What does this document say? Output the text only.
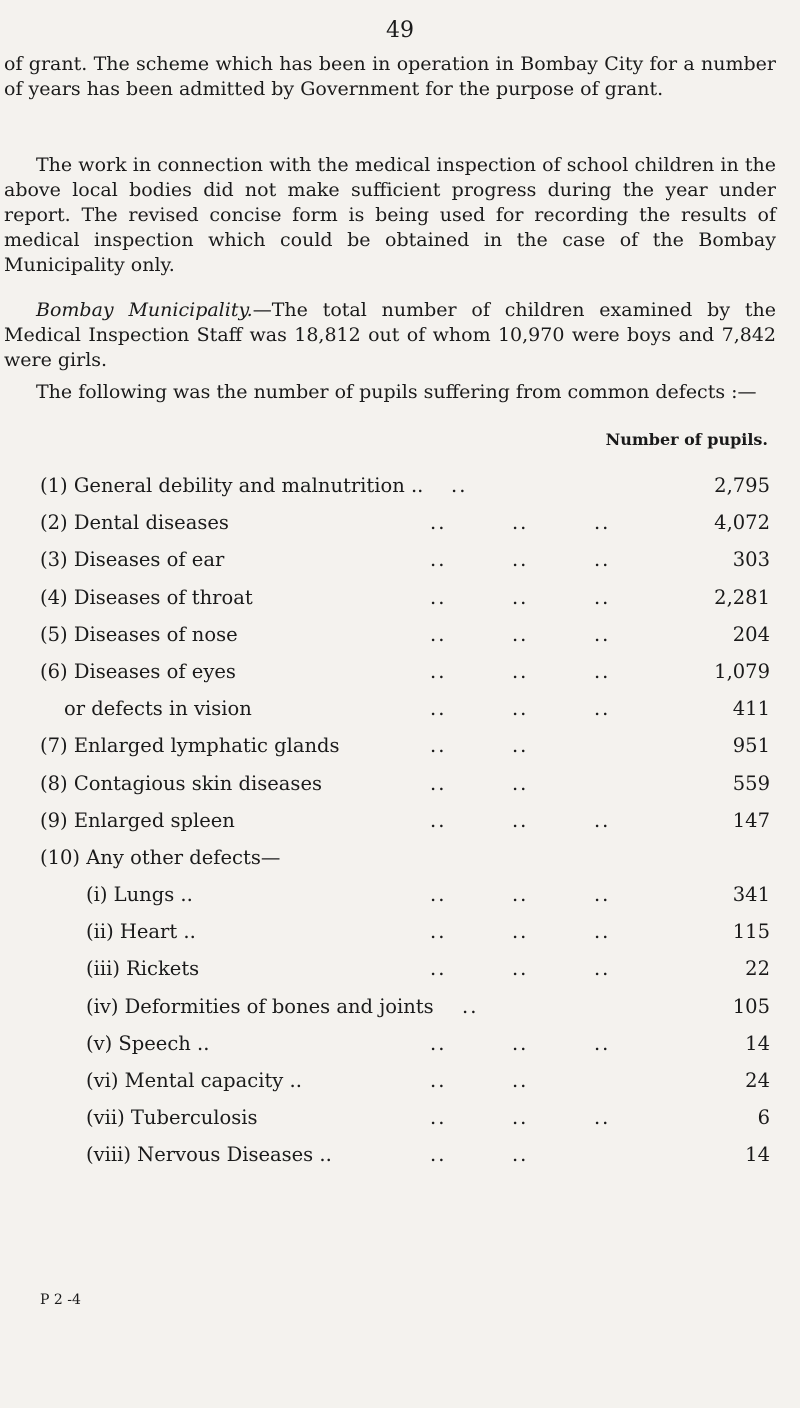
49

of grant. The scheme which has been in operation in Bombay City for a number of years has been admitted by Government for the purpose of grant.

The work in connection with the medical inspection of school children in the above local bodies did not make sufficient progress during the year under report. The revised concise form is being used for recording the results of medical inspection which could be obtained in the case of the Bombay Municipality only.

Bombay Municipality.—The total number of children examined by the Medical Inspection Staff was 18,812 out of whom 10,970 were boys and 7,842 were girls.

The following was the number of pupils suffering from common defects :—

Number of pupils.
(1) General debility and malnutrition .. ..	2,795
(2) Dental diseases	..        ..        ..	4,072
(3) Diseases of ear	..        ..        ..	303
(4) Diseases of throat	..        ..        ..	2,281
(5) Diseases of nose	..        ..        ..	204
(6) Diseases of eyes	..        ..        ..	1,079
or defects in vision	..        ..        ..	411
(7) Enlarged lymphatic glands	..        ..	951
(8) Contagious skin diseases	..        ..	559
(9) Enlarged spleen	..        ..        ..	147
(10) Any other defects—
(i) Lungs ..	..        ..        ..	341
(ii) Heart ..	..        ..        ..	115
(iii) Rickets	..        ..        ..	22
(iv) Deformities of bones and joints ..	105
(v) Speech ..	..        ..        ..	14
(vi) Mental capacity ..	..        ..	24
(vii) Tuberculosis	..        ..        ..	6
(viii) Nervous Diseases ..	..        ..	14
P 2 -4
